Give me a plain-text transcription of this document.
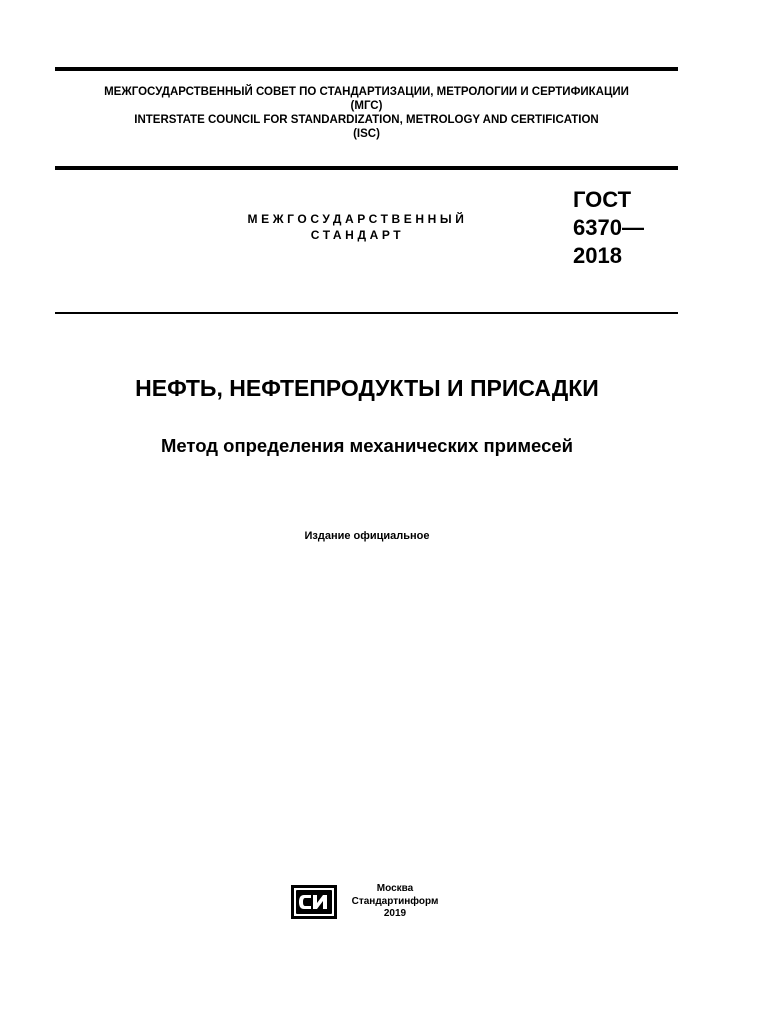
МЕЖГОСУДАРСТВЕННЫЙ СОВЕТ ПО СТАНДАРТИЗАЦИИ, МЕТРОЛОГИИ И СЕРТИФИКАЦИИ
(МГС)
INTERSTATE COUNCIL FOR STANDARDIZATION, METROLOGY AND CERTIFICATION
(ISC)
МЕЖГОСУДАРСТВЕННЫЙ
СТАНДАРТ
ГОСТ
6370—
2018
НЕФТЬ, НЕФТЕПРОДУКТЫ И ПРИСАДКИ
Метод определения механических примесей
Издание официальное
Москва
Стандартинформ
2019
